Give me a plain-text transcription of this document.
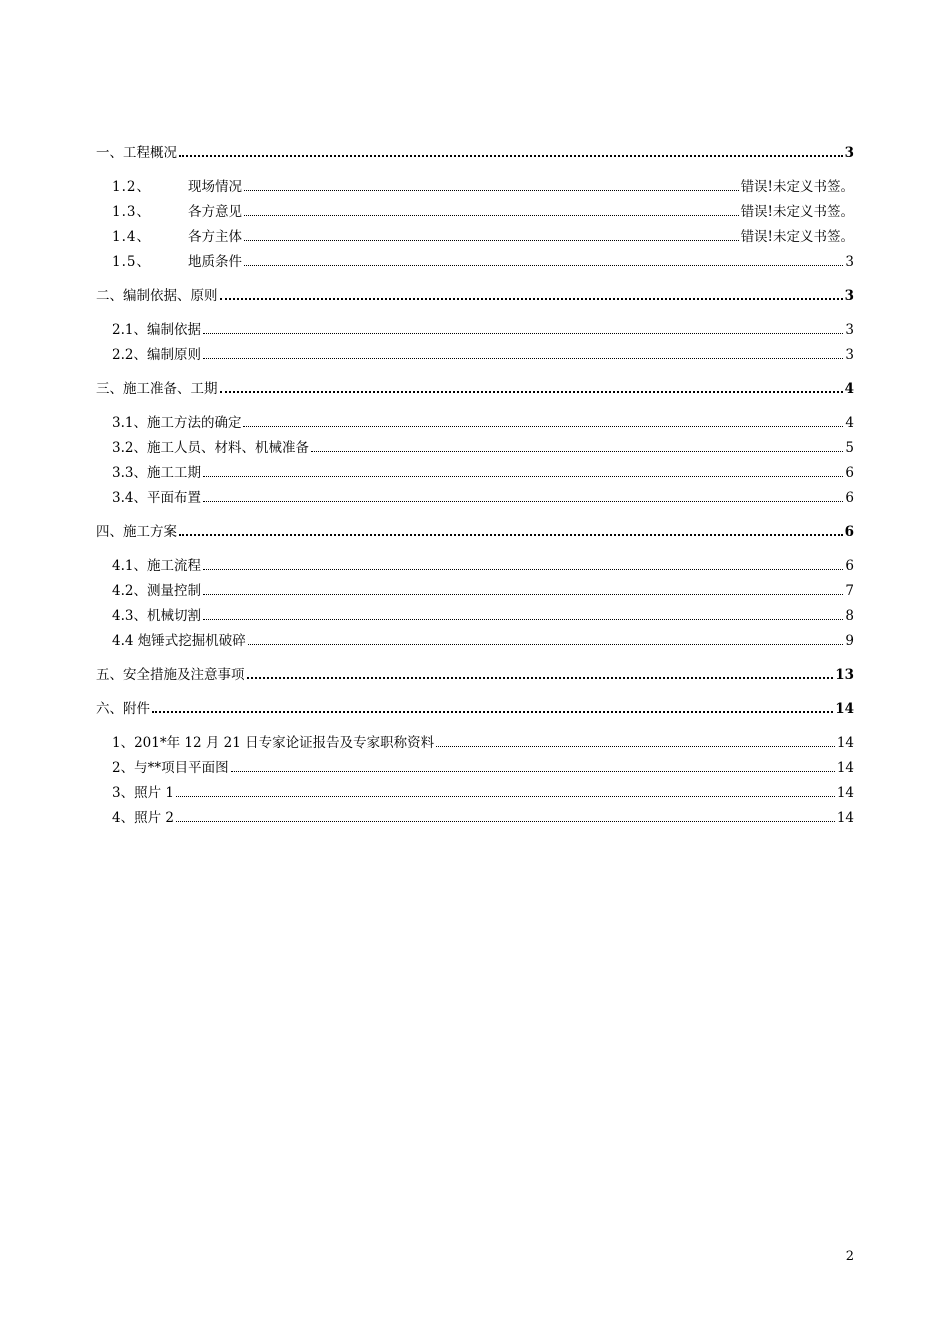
一、工程概况	3
1.2、	现场情况	错误!未定义书签。
1.3、	各方意见	错误!未定义书签。
1.4、	各方主体	错误!未定义书签。
1.5、	地质条件	3
二、编制依据、原则	3
2.1、编制依据	3
2.2、编制原则	3
三、施工准备、工期	4
3.1、施工方法的确定	4
3.2、施工人员、材料、机械准备	5
3.3、施工工期	6
3.4、平面布置	6
四、施工方案	6
4.1、施工流程	6
4.2、测量控制	7
4.3、机械切割	8
4.4 炮锤式挖掘机破碎	9
五、安全措施及注意事项	13
六、附件	14
1、201*年 12 月 21 日专家论证报告及专家职称资料	14
2、与**项目平面图	14
3、照片 1	14
4、照片 2	14
2
